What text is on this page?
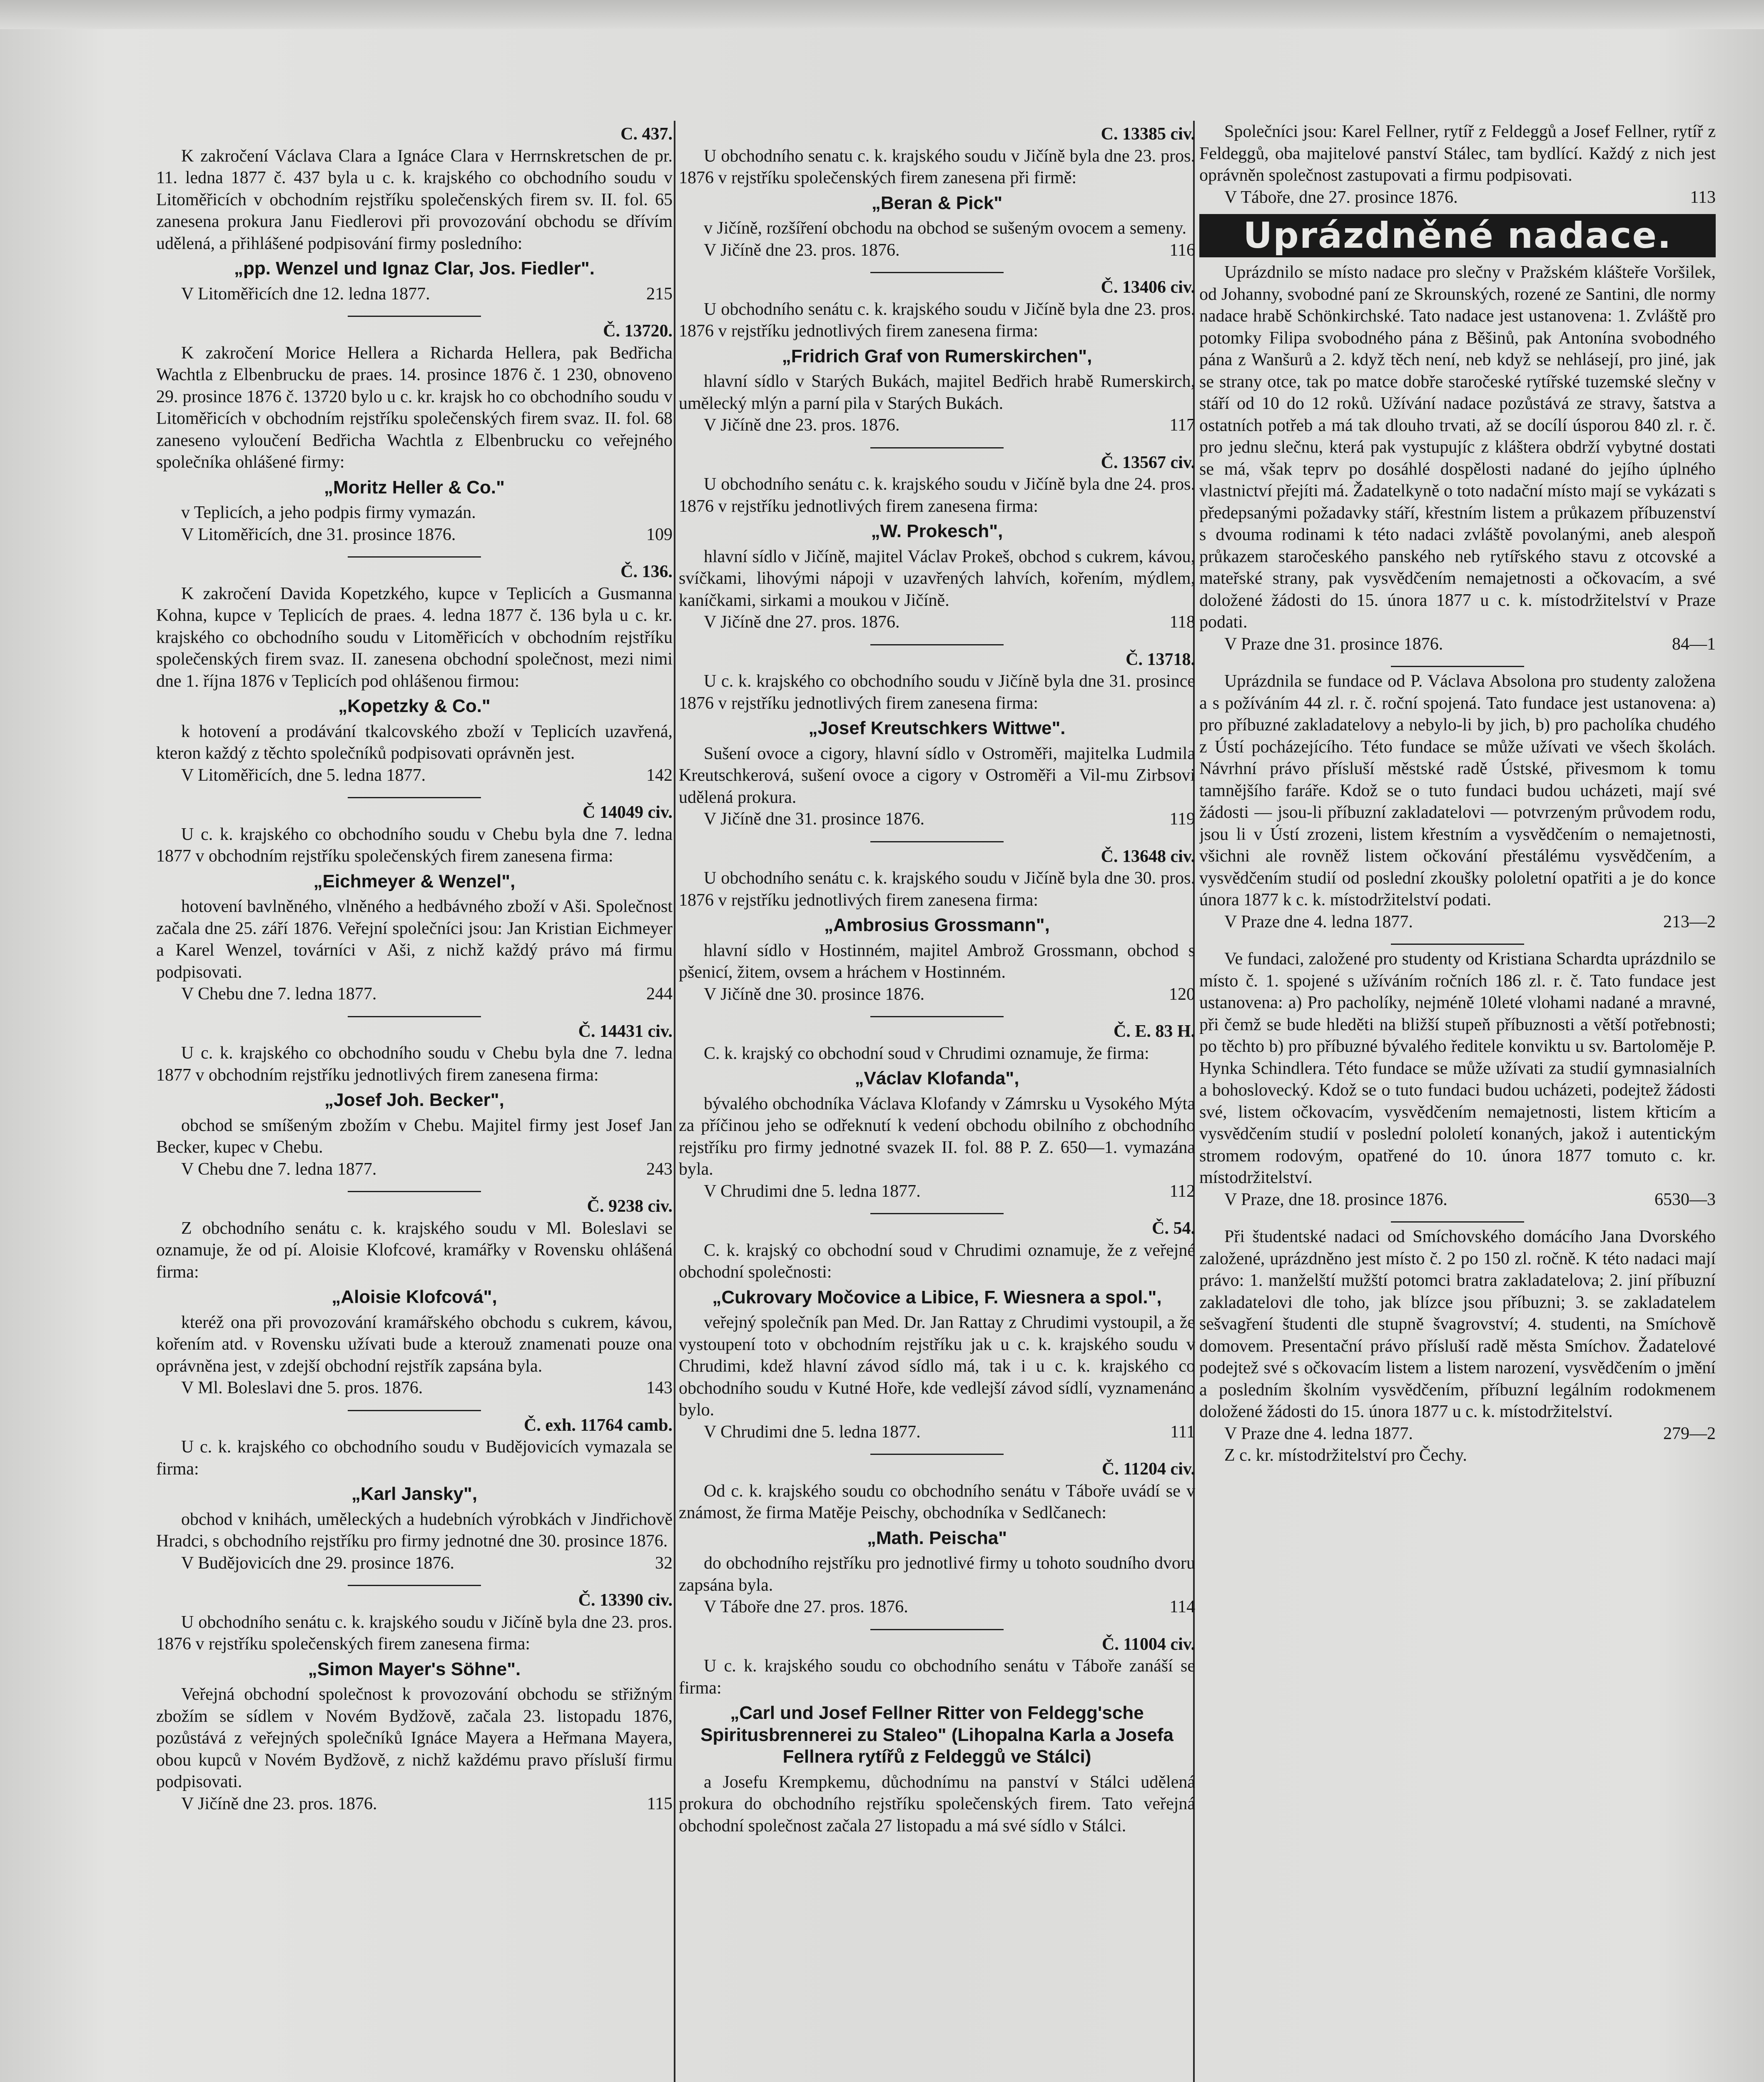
C. 437.

K zakročení Václava Clara a Ignáce Clara v Herrnskretschen de pr. 11. ledna 1877 č. 437 byla u c. k. krajského co obchodního soudu v Litoměřicích v obchodním rejstříku společenských firem sv. II. fol. 65 zanesena prokura Janu Fiedlerovi při provozování obchodu se dřívím udělená, a přihlášené podpisování firmy posledního:

„pp. Wenzel und Ignaz Clar, Jos. Fiedler".
V Litoměřicích dne 12. ledna 1877.	215
Č. 13720.

K zakročení Morice Hellera a Richarda Hellera, pak Bedřicha Wachtla z Elbenbrucku de praes. 14. prosince 1876 č. 1 230, obnoveno 29. prosince 1876 č. 13720 bylo u c. kr. krajsk ho co obchodního soudu v Litoměřicích v obchodním rejstříku společenských firem svaz. II. fol. 68 zaneseno vyloučení Bedřicha Wachtla z Elbenbrucku co veřejného společníka ohlášené firmy:

„Moritz Heller & Co."

v Teplicích, a jeho podpis firmy vymazán.

V Litoměřicích, dne 31. prosince 1876.	109
Č. 136.

K zakročení Davida Kopetzkého, kupce v Teplicích a Gusmanna Kohna, kupce v Teplicích de praes. 4. ledna 1877 č. 136 byla u c. kr. krajského co obchodního soudu v Litoměřicích v obchodním rejstříku společenských firem svaz. II. zanesena obchodní společnost, mezi nimi dne 1. října 1876 v Teplicích pod ohlášenou firmou:

„Kopetzky & Co."

k hotovení a prodávání tkalcovského zboží v Teplicích uzavřená, kteron každý z těchto společníků podpisovati oprávněn jest.

V Litoměřicích, dne 5. ledna 1877.	142
Č 14049 civ.

U c. k. krajského co obchodního soudu v Chebu byla dne 7. ledna 1877 v obchodním rejstříku společenských firem zanesena firma:

„Eichmeyer & Wenzel",

hotovení bavlněného, vlněného a hedbávného zboží v Aši. Společnost začala dne 25. září 1876. Veřejní společníci jsou: Jan Kristian Eichmeyer a Karel Wenzel, továrníci v Aši, z nichž každý právo má firmu podpisovati.

V Chebu dne 7. ledna 1877.	244
Č. 14431 civ.

U c. k. krajského co obchodního soudu v Chebu byla dne 7. ledna 1877 v obchodním rejstříku jednotlivých firem zanesena firma:

„Josef Joh. Becker",

obchod se smíšeným zbožím v Chebu. Majitel firmy jest Josef Jan Becker, kupec v Chebu.

V Chebu dne 7. ledna 1877.	243
Č. 9238 civ.

Z obchodního senátu c. k. krajského soudu v Ml. Boleslavi se oznamuje, že od pí. Aloisie Klofcové, kramářky v Rovensku ohlášená firma:

„Aloisie Klofcová",

kteréž ona při provozování kramářského obchodu s cukrem, kávou, kořením atd. v Rovensku užívati bude a kterouž znamenati pouze ona oprávněna jest, v zdejší obchodní rejstřík zapsána byla.

V Ml. Boleslavi dne 5. pros. 1876.	143
Č. exh. 11764 camb.

U c. k. krajského co obchodního soudu v Budějovicích vymazala se firma:

„Karl Jansky",

obchod v knihách, uměleckých a hudebních výrobkách v Jindřichově Hradci, s obchodního rejstříku pro firmy jednotné dne 30. prosince 1876.

V Budějovicích dne 29. prosince 1876.	32
Č. 13390 civ.

U obchodního senátu c. k. krajského soudu v Jičíně byla dne 23. pros. 1876 v rejstříku společenských firem zanesena firma:

„Simon Mayer's Söhne".

Veřejná obchodní společnost k provozování obchodu se střižným zbožím se sídlem v Novém Bydžově, začala 23. listopadu 1876, pozůstává z veřejných společníků Ignáce Mayera a Heřmana Mayera, obou kupců v Novém Bydžově, z nichž každému pravo přísluší firmu podpisovati.

V Jičíně dne 23. pros. 1876.	115
C. 13385 civ.

U obchodního senatu c. k. krajského soudu v Jičíně byla dne 23. pros. 1876 v rejstříku společenských firem zanesena při firmě:

„Beran & Pick"

v Jičíně, rozšíření obchodu na obchod se sušeným ovocem a semeny.

V Jičíně dne 23. pros. 1876.	116
Č. 13406 civ.

U obchodního senátu c. k. krajského soudu v Jičíně byla dne 23. pros. 1876 v rejstříku jednotlivých firem zanesena firma:

„Fridrich Graf von Rumerskirchen",

hlavní sídlo v Starých Bukách, majitel Bedřich hrabě Rumerskirch, umělecký mlýn a parní pila v Starých Bukách.

V Jičíně dne 23. pros. 1876.	117
Č. 13567 civ.

U obchodního senátu c. k. krajského soudu v Jičíně byla dne 24. pros. 1876 v rejstříku jednotlivých firem zanesena firma:

„W. Prokesch",

hlavní sídlo v Jičíně, majitel Václav Prokeš, obchod s cukrem, kávou, svíčkami, lihovými nápoji v uzavřených lahvích, kořením, mýdlem, kaníčkami, sirkami a moukou v Jičíně.

V Jičíně dne 27. pros. 1876.	118
Č. 13718.

U c. k. krajského co obchodního soudu v Jičíně byla dne 31. prosince 1876 v rejstříku jednotlivých firem zanesena firma:

„Josef Kreutschkers Wittwe".

Sušení ovoce a cigory, hlavní sídlo v Ostroměři, majitelka Ludmila Kreutschkerová, sušení ovoce a cigory v Ostroměři a Vil-mu Zirbsovi udělená prokura.

V Jičíně dne 31. prosince 1876.	119
Č. 13648 civ.

U obchodního senátu c. k. krajského soudu v Jičíně byla dne 30. pros. 1876 v rejstříku jednotlivých firem zanesena firma:

„Ambrosius Grossmann",

hlavní sídlo v Hostinném, majitel Ambrož Grossmann, obchod s pšenicí, žitem, ovsem a hráchem v Hostinném.

V Jičíně dne 30. prosince 1876.	120
Č. E. 83 H.

C. k. krajský co obchodní soud v Chrudimi oznamuje, že firma:

„Václav Klofanda",

bývalého obchodníka Václava Klofandy v Zámrsku u Vysokého Mýta za příčinou jeho se odřeknutí k vedení obchodu obilního z obchodního rejstříku pro firmy jednotné svazek II. fol. 88 P. Z. 650—1. vymazána byla.

V Chrudimi dne 5. ledna 1877.	112
Č. 54.

C. k. krajský co obchodní soud v Chrudimi oznamuje, že z veřejné obchodní společnosti:

„Cukrovary Močovice a Libice, F. Wiesnera a spol.",

veřejný společník pan Med. Dr. Jan Rattay z Chrudimi vystoupil, a že vystoupení toto v obchodním rejstříku jak u c. k. krajského soudu v Chrudimi, kdež hlavní závod sídlo má, tak i u c. k. krajského co obchodního soudu v Kutné Hoře, kde vedlejší závod sídlí, vyznamenáno bylo.

V Chrudimi dne 5. ledna 1877.	111
Č. 11204 civ.

Od c. k. krajského soudu co obchodního senátu v Táboře uvádí se v známost, že firma Matěje Peischy, obchodníka v Sedlčanech:

„Math. Peischa"

do obchodního rejstříku pro jednotlivé firmy u tohoto soudního dvoru zapsána byla.

V Táboře dne 27. pros. 1876.	114
Č. 11004 civ.

U c. k. krajského soudu co obchodního senátu v Táboře zanáší se firma:

„Carl und Josef Fellner Ritter von Feldegg'sche Spiritusbrennerei zu Staleo" (Lihopalna Karla a Josefa Fellnera rytířů z Feldeggů ve Stálci)

a Josefu Krempkemu, důchodnímu na panství v Stálci udělená prokura do obchodního rejstříku společenských firem. Tato veřejná obchodní společnost začala 27 listopadu a má své sídlo v Stálci.

Společníci jsou: Karel Fellner, rytíř z Feldeggů a Josef Fellner, rytíř z Feldeggů, oba majitelové panství Stálec, tam bydlící. Každý z nich jest oprávněn společnost zastupovati a firmu podpisovati.

V Táboře, dne 27. prosince 1876.	113
Uprázdněné nadace.

Uprázdnilo se místo nadace pro slečny v Pražském klášteře Voršilek, od Johanny, svobodné paní ze Skrounských, rozené ze Santini, dle normy nadace hrabě Schönkirchské. Tato nadace jest ustanovena: 1. Zvláště pro potomky Filipa svobodného pána z Běšinů, pak Antonína svobodného pána z Wanšurů a 2. když těch není, neb když se nehlásejí, pro jiné, jak se strany otce, tak po matce dobře staročeské rytířské tuzemské slečny v stáří od 10 do 12 roků. Užívání nadace pozůstává ze stravy, šatstva a ostatních potřeb a má tak dlouho trvati, až se docílí úsporou 840 zl. r. č. pro jednu slečnu, která pak vystupujíc z kláštera obdrží vybytné dostati se má, však teprv po dosáhlé dospělosti nadané do jejího úplného vlastnictví přejíti má. Žadatelkyně o toto nadační místo mají se vykázati s předepsanými požadavky stáří, křestním listem a průkazem příbuzenství s dvouma rodinami k této nadaci zvláště povolanými, aneb alespoň průkazem staročeského panského neb rytířského stavu z otcovské a mateřské strany, pak vysvědčením nemajetnosti a očkovacím, a své doložené žádosti do 15. února 1877 u c. k. místodržitelství v Praze podati.

V Praze dne 31. prosince 1876.	84—1

Uprázdnila se fundace od P. Václava Absolona pro studenty založena a s požíváním 44 zl. r. č. roční spojená. Tato fundace jest ustanovena: a) pro příbuzné zakladatelovy a nebylo-li by jich, b) pro pacholíka chudého z Ústí pocházejícího. Této fundace se může užívati ve všech školách. Návrhní právo přísluší městské radě Ústské, přivesmom k tomu tamnějšího faráře. Kdož se o tuto fundaci budou ucházeti, mají své žádosti — jsou-li příbuzní zakladatelovi — potvrzeným průvodem rodu, jsou li v Ústí zrozeni, listem křestním a vysvědčením o nemajetnosti, všichni ale rovněž listem očkování přestálému vysvědčením, a vysvědčením studií od poslední zkoušky pololetní opatřiti a je do konce února 1877 k c. k. místodržitelství podati.

V Praze dne 4. ledna 1877.	213—2

Ve fundaci, založené pro studenty od Kristiana Schardta uprázdnilo se místo č. 1. spojené s užíváním ročních 186 zl. r. č. Tato fundace jest ustanovena: a) Pro pacholíky, nejméně 10leté vlohami nadané a mravné, při čemž se bude hleděti na bližší stupeň příbuznosti a větší potřebnosti; po těchto b) pro příbuzné bývalého ředitele konviktu u sv. Bartoloměje P. Hynka Schindlera. Této fundace se může užívati za studií gymnasialních a bohoslovecký. Kdož se o tuto fundaci budou ucházeti, podejtež žádosti své, listem očkovacím, vysvědčením nemajetnosti, listem křticím a vysvědčením studií v poslední pololetí konaných, jakož i autentickým stromem rodovým, opatřené do 10. února 1877 tomuto c. kr. místodržitelství.

V Praze, dne 18. prosince 1876.	6530—3

Při študentské nadaci od Smíchovského domácího Jana Dvorského založené, uprázdněno jest místo č. 2 po 150 zl. ročně. K této nadaci mají právo: 1. manželští mužští potomci bratra zakladatelova; 2. jiní příbuzní zakladatelovi dle toho, jak blízce jsou příbuzni; 3. se zakladatelem sešvagření študenti dle stupně švagrovství; 4. studenti, na Smíchově domovem. Presentační právo přísluší radě města Smíchov. Žadatelové podejtež své s očkovacím listem a listem narození, vysvědčením o jmění a posledním školním vysvědčením, příbuzní legálním rodokmenem doložené žádosti do 15. února 1877 u c. k. místodržitelství.

V Praze dne 4. ledna 1877.	279—2

Z c. kr. místodržitelství pro Čechy.
